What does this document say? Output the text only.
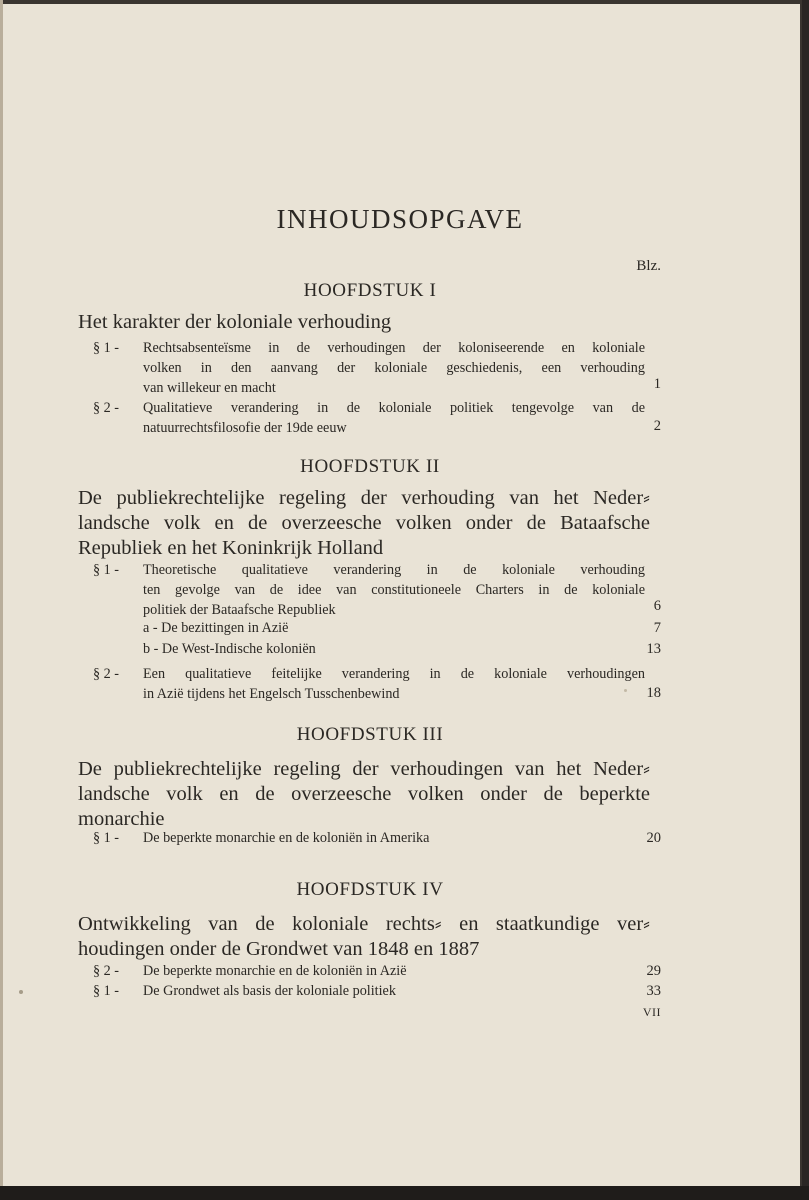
INHOUDSOPGAVE
Blz.
HOOFDSTUK I
Het karakter der koloniale verhouding
§ 1 - Rechtsabsenteïsme in de verhoudingen der koloniseerende en koloniale
volken in den aanvang der koloniale geschiedenis, een verhouding
van willekeur en macht	1
§ 2 - Qualitatieve verandering in de koloniale politiek tengevolge van de
natuurrechtsfilosofie der 19de eeuw	2
HOOFDSTUK II
De publiekrechtelijke regeling der verhouding van het Neder⸗
landsche volk en de overzeesche volken onder de Bataafsche
Republiek en het Koninkrijk Holland
§ 1 - Theoretische qualitatieve verandering in de koloniale verhouding
ten gevolge van de idee van constitutioneele Charters in de koloniale
politiek der Bataafsche Republiek	6
a - De bezittingen in Azië	7
b - De West-Indische koloniën	13
§ 2 - Een qualitatieve feitelijke verandering in de koloniale verhoudingen
in Azië tijdens het Engelsch Tusschenbewind	18
HOOFDSTUK III
De publiekrechtelijke regeling der verhoudingen van het Neder⸗
landsche volk en de overzeesche volken onder de beperkte
monarchie
§ 1 - De beperkte monarchie en de koloniën in Amerika	20
HOOFDSTUK IV
Ontwikkeling van de koloniale rechts⸗ en staatkundige ver⸗
houdingen onder de Grondwet van 1848 en 1887
§ 2 - De beperkte monarchie en de koloniën in Azië	29
§ 1 - De Grondwet als basis der koloniale politiek	33
VII
